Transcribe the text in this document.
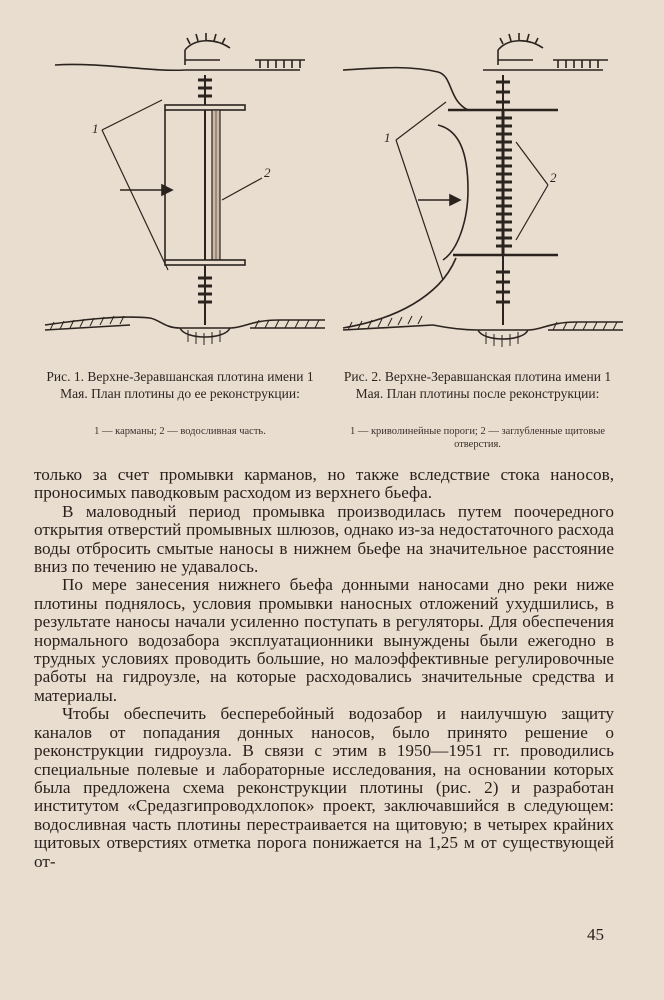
1
2
1
2
Рис. 1. Верхне-Зеравшанская плотина имени 1 Мая. План плотины до ее реконструкции:
Рис. 2. Верхне-Зеравшанская плотина имени 1 Мая. План плотины после реконструкции:
1 — карманы; 2 — водосливная часть.	1 — криволинейные пороги; 2 — заглубленные щитовые отверстия.

только за счет промывки карманов, но также вследствие стока наносов, проносимых паводковым расходом из верхнего бьефа.

В маловодный период промывка производилась путем поочередного открытия отверстий промывных шлюзов, однако из-за недостаточного расхода воды отбросить смытые наносы в нижнем бьефе на значительное расстояние вниз по течению не удавалось.

По мере занесения нижнего бьефа донными наносами дно реки ниже плотины поднялось, условия промывки наносных отложений ухудшились, в результате наносы начали усиленно поступать в регуляторы. Для обеспечения нормального водозабора эксплуатационники вынуждены были ежегодно в трудных условиях проводить большие, но малоэффективные регулировочные работы на гидроузле, на которые расходовались значительные средства и материалы.

Чтобы обеспечить бесперебойный водозабор и наилучшую защиту каналов от попадания донных наносов, было принято решение о реконструкции гидроузла. В связи с этим в 1950—1951 гг. проводились специальные полевые и лабораторные исследования, на основании которых была предложена схема реконструкции плотины (рис. 2) и разработан институтом «Средазгипроводхлопок» проект, заключавшийся в следующем: водосливная часть плотины перестраивается на щитовую; в четырех крайних щитовых отверстиях отметка порога понижается на 1,25 м от существующей от-

45
